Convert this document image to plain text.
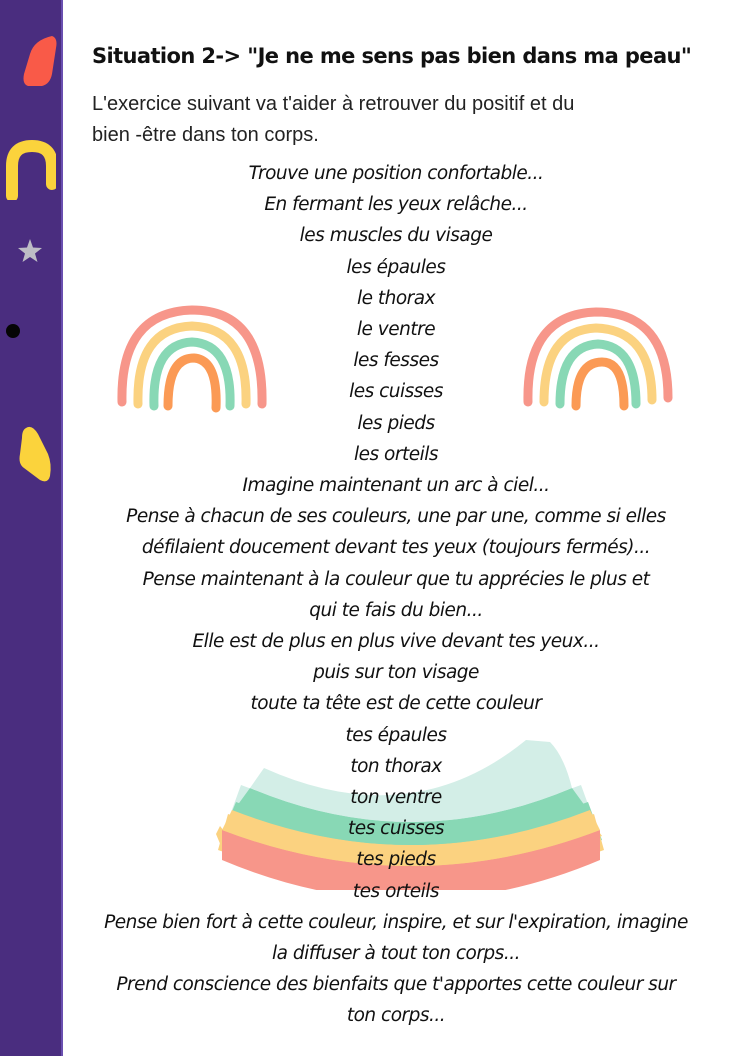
Situation 2-> "Je ne me sens pas bien dans ma peau"
L'exercice suivant va t'aider à retrouver du positif et du
bien -être dans ton corps.
Trouve une position confortable...
En fermant les yeux relâche...
les muscles du visage
les épaules
le thorax
le ventre
les fesses
les cuisses
les pieds
les orteils
Imagine maintenant un arc à ciel...
Pense à chacun de ses couleurs, une par une, comme si elles
défilaient doucement devant tes yeux (toujours fermés)...
Pense maintenant à la couleur que tu apprécies le plus et
qui te fais du bien...
Elle est de plus en plus vive devant tes yeux...
puis sur ton visage
toute ta tête est de cette couleur
tes épaules
ton thorax
ton ventre
tes cuisses
tes pieds
tes orteils
Pense bien fort à cette couleur, inspire, et sur l'expiration, imagine
la diffuser à tout ton corps...
Prend conscience des bienfaits que t'apportes cette couleur sur
ton corps...
